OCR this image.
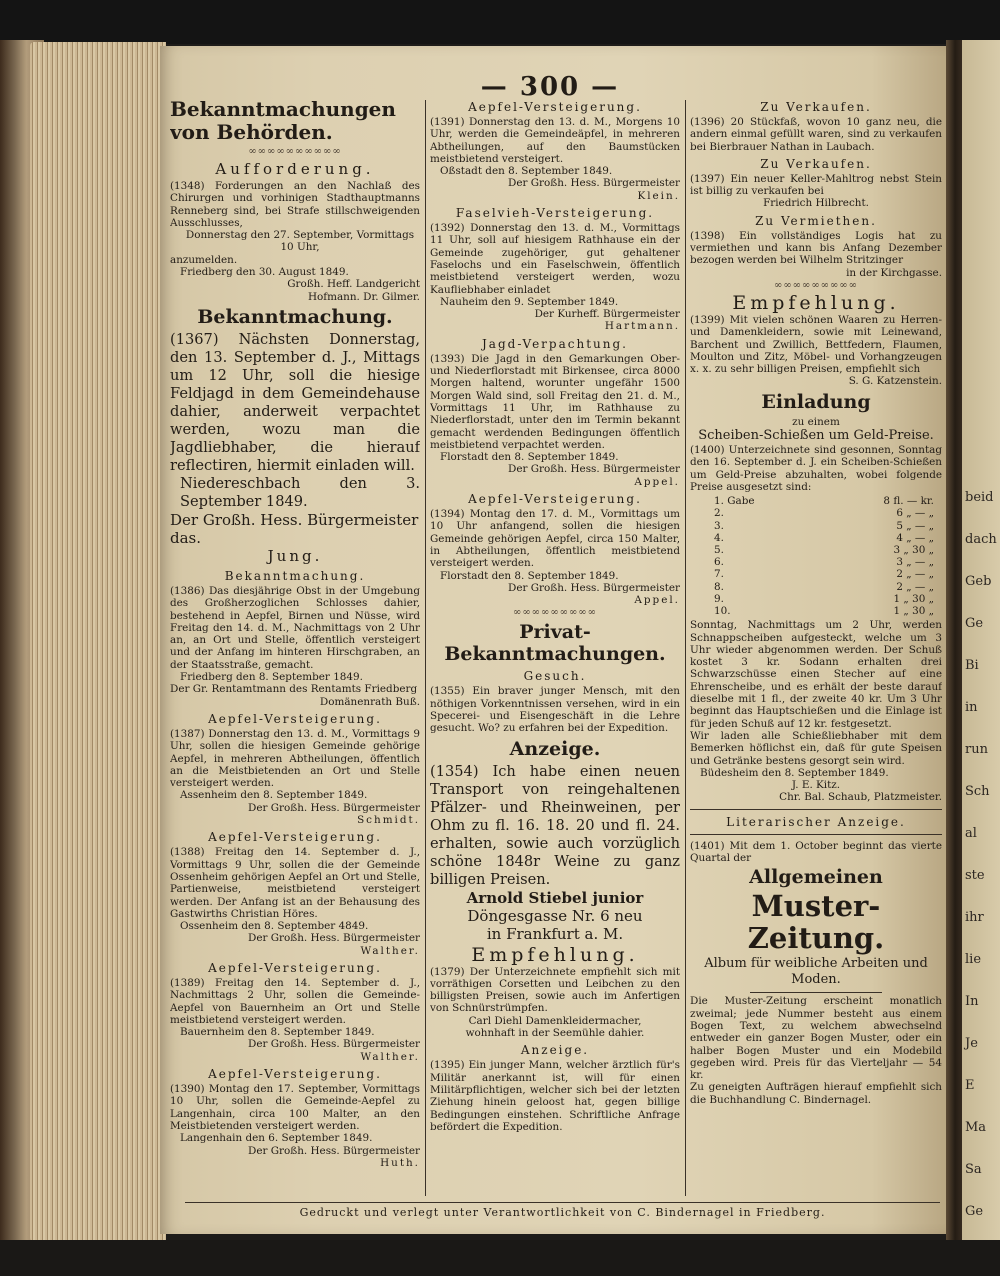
beid
dach
Geb
Ge
Bi
in
run
Sch
al
ste
ihr
lie
In
Je
E
Ma
Sa
Ge
— 300 —
Bekanntmachungen von Behörden.
∞∞∞∞∞∞∞∞∞∞
Aufforderung.

(1348) Forderungen an den Nachlaß des Chirurgen und vorhinigen Stadthauptmanns Renneberg sind, bei Strafe stillschweigenden Ausschlusses,

Donnerstag den 27. September, Vormittags 10 Uhr,

anzumelden.

Friedberg den 30. August 1849.

Großh. Heff. Landgericht

Hofmann. Dr. Gilmer.

Bekanntmachung.

(1367) Nächsten Donnerstag, den 13. September d. J., Mittags um 12 Uhr, soll die hiesige Feldjagd in dem Gemeindehause dahier, anderweit verpachtet werden, wozu man die Jagdliebhaber, die hierauf reflectiren, hiermit einladen will.

Niedereschbach den 3. September 1849.

Der Großh. Hess. Bürgermeister das.

Jung.

Bekanntmachung.

(1386) Das diesjährige Obst in der Umgebung des Großherzoglichen Schlosses dahier, bestehend in Aepfel, Birnen und Nüsse, wird Freitag den 14. d. M., Nachmittags von 2 Uhr an, an Ort und Stelle, öffentlich versteigert und der Anfang im hinteren Hirschgraben, an der Staatsstraße, gemacht.

Friedberg den 8. September 1849.

Der Gr. Rentamtmann des Rentamts Friedberg

Domänenrath Buß.

Aepfel-Versteigerung.

(1387) Donnerstag den 13. d. M., Vormittags 9 Uhr, sollen die hiesigen Gemeinde gehörige Aepfel, in mehreren Abtheilungen, öffentlich an die Meistbietenden an Ort und Stelle versteigert werden.

Assenheim den 8. September 1849.

Der Großh. Hess. Bürgermeister

Schmidt.

Aepfel-Versteigerung.

(1388) Freitag den 14. September d. J., Vormittags 9 Uhr, sollen die der Gemeinde Ossenheim gehörigen Aepfel an Ort und Stelle, Partienweise, meistbietend versteigert werden. Der Anfang ist an der Behausung des Gastwirths Christian Höres.

Ossenheim den 8. September 4849.

Der Großh. Hess. Bürgermeister

Walther.

Aepfel-Versteigerung.

(1389) Freitag den 14. September d. J., Nachmittags 2 Uhr, sollen die Gemeinde-Aepfel von Bauernheim an Ort und Stelle meistbietend versteigert werden.

Bauernheim den 8. September 1849.

Der Großh. Hess. Bürgermeister

Walther.

Aepfel-Versteigerung.

(1390) Montag den 17. September, Vormittags 10 Uhr, sollen die Gemeinde-Aepfel zu Langenhain, circa 100 Malter, an den Meistbietenden versteigert werden.

Langenhain den 6. September 1849.

Der Großh. Hess. Bürgermeister

Huth.

Aepfel-Versteigerung.

(1391) Donnerstag den 13. d. M., Morgens 10 Uhr, werden die Gemeindeäpfel, in mehreren Abtheilungen, auf den Baumstücken meistbietend versteigert.

Oßstadt den 8. September 1849.

Der Großh. Hess. Bürgermeister

Klein.

Faselvieh-Versteigerung.

(1392) Donnerstag den 13. d. M., Vormittags 11 Uhr, soll auf hiesigem Rathhause ein der Gemeinde zugehöriger, gut gehaltener Faselochs und ein Faselschwein, öffentlich meistbietend versteigert werden, wozu Kaufliebhaber einladet

Nauheim den 9. September 1849.

Der Kurheff. Bürgermeister

Hartmann.

Jagd-Verpachtung.

(1393) Die Jagd in den Gemarkungen Ober- und Niederflorstadt mit Birkensee, circa 8000 Morgen haltend, worunter ungefähr 1500 Morgen Wald sind, soll Freitag den 21. d. M., Vormittags 11 Uhr, im Rathhause zu Niederflorstadt, unter den im Termin bekannt gemacht werdenden Bedingungen öffentlich meistbietend verpachtet werden.

Florstadt den 8. September 1849.

Der Großh. Hess. Bürgermeister

Appel.

Aepfel-Versteigerung.

(1394) Montag den 17. d. M., Vormittags um 10 Uhr anfangend, sollen die hiesigen Gemeinde gehörigen Aepfel, circa 150 Malter, in Abtheilungen, öffentlich meistbietend versteigert werden.

Florstadt den 8. September 1849.

Der Großh. Hess. Bürgermeister

Appel.

∞∞∞∞∞∞∞∞∞
Privat-Bekanntmachungen.
Gesuch.

(1355) Ein braver junger Mensch, mit den nöthigen Vorkenntnissen versehen, wird in ein Specerei- und Eisengeschäft in die Lehre gesucht. Wo? zu erfahren bei der Expedition.

Anzeige.

(1354) Ich habe einen neuen Transport von reingehaltenen Pfälzer- und Rheinweinen, per Ohm zu fl. 16. 18. 20 und fl. 24. erhalten, sowie auch vorzüglich schöne 1848r Weine zu ganz billigen Preisen.

Arnold Stiebel junior

Döngesgasse Nr. 6 neu

in Frankfurt a. M.

Empfehlung.

(1379) Der Unterzeichnete empfiehlt sich mit vorräthigen Corsetten und Leibchen zu den billigsten Preisen, sowie auch im Anfertigen von Schnürstrümpfen.

Carl Diehl Damenkleidermacher,

wohnhaft in der Seemühle dahier.

Anzeige.

(1395) Ein junger Mann, welcher ärztlich für's Militär anerkannt ist, will für einen Militärpflichtigen, welcher sich bei der letzten Ziehung hinein geloost hat, gegen billige Bedingungen einstehen. Schriftliche Anfrage befördert die Expedition.

Zu Verkaufen.

(1396) 20 Stückfaß, wovon 10 ganz neu, die andern einmal gefüllt waren, sind zu verkaufen bei Bierbrauer Nathan in Laubach.

Zu Verkaufen.

(1397) Ein neuer Keller-Mahltrog nebst Stein ist billig zu verkaufen bei

Friedrich Hilbrecht.

Zu Vermiethen.

(1398) Ein vollständiges Logis hat zu vermiethen und kann bis Anfang Dezember bezogen werden bei Wilhelm Stritzinger

in der Kirchgasse.

∞∞∞∞∞∞∞∞∞
Empfehlung.

(1399) Mit vielen schönen Waaren zu Herren- und Damenkleidern, sowie mit Leinewand, Barchent und Zwillich, Bettfedern, Flaumen, Moulton und Zitz, Möbel- und Vorhangzeugen x. x. zu sehr billigen Preisen, empfiehlt sich

S. G. Katzenstein.

Einladung

zu einem

Scheiben-Schießen um Geld-Preise.

(1400) Unterzeichnete sind gesonnen, Sonntag den 16. September d. J. ein Scheiben-Schießen um Geld-Preise abzuhalten, wobei folgende Preise ausgesetzt sind:

1. Gabe	8 fl. — kr.
2.	6 „ — „
3.	5 „ — „
4.	4 „ — „
5.	3 „ 30 „
6.	3 „ — „
7.	2 „ — „
8.	2 „ — „
9.	1 „ 30 „
10.	1 „ 30 „

Sonntag, Nachmittags um 2 Uhr, werden Schnappscheiben aufgesteckt, welche um 3 Uhr wieder abgenommen werden. Der Schuß kostet 3 kr. Sodann erhalten drei Schwarzschüsse einen Stecher auf eine Ehrenscheibe, und es erhält der beste darauf dieselbe mit 1 fl., der zweite 40 kr. Um 3 Uhr beginnt das Hauptschießen und die Einlage ist für jeden Schuß auf 12 kr. festgesetzt.

Wir laden alle Schießliebhaber mit dem Bemerken höflichst ein, daß für gute Speisen und Getränke bestens gesorgt sein wird.

Büdesheim den 8. September 1849.

J. E. Kitz.

Chr. Bal. Schaub, Platzmeister.

Literarischer Anzeige.

(1401) Mit dem 1. October beginnt das vierte Quartal der

Allgemeinen
Muster-Zeitung.
Album für weibliche Arbeiten und Moden.

Die Muster-Zeitung erscheint monatlich zweimal; jede Nummer besteht aus einem Bogen Text, zu welchem abwechselnd entweder ein ganzer Bogen Muster, oder ein halber Bogen Muster und ein Modebild gegeben wird. Preis für das Vierteljahr — 54 kr.

Zu geneigten Aufträgen hierauf empfiehlt sich die Buchhandlung C. Bindernagel.

Gedruckt und verlegt unter Verantwortlichkeit von C. Bindernagel in Friedberg.
